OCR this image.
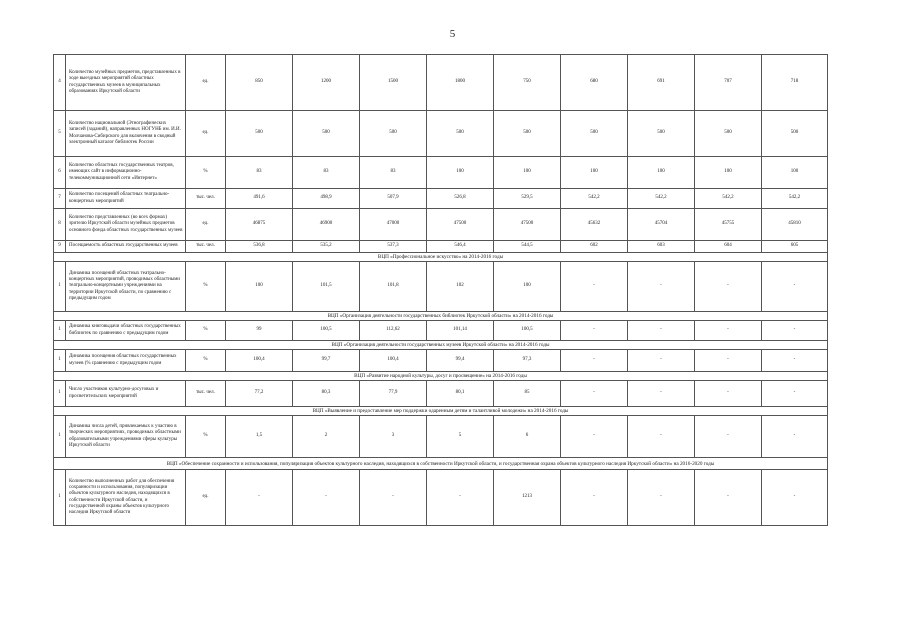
5
4	Количество музейных предметов, представленных в ходе выездных мероприятий областных государственных музеев в муниципальных образованиях Иркутской области	ед.	850	1200	1500	1800	750	680	691	707	718
5	Количество национальной (Этнографических записей (заданий), направленных НОГУНБ им. И.И. Молчанова-Сибирского для включения в сводный электронный каталог библиотек России	ед.	500	500	500	500	500	500	500	500	500
6	Количество областных государственных театров, имеющих сайт в информационно-телекоммуникационной сети «Интернет»	%	83	83	83	100	100	100	100	100	100
7	Количество посещений областных театрально-концертных мероприятий	тыс. чел.	491,6	498,9	507,9	526,8	529,5	542,2	542,2	542,2	542,2
8	Количество представленных (во всех формах) зрителю Иркутской области музейных предметов основного фонда областных государственных музеев	ед.	46875	46900	47000	47500	47500	45632	45704	45755	45810
9	Посещаемость областных государственных музеев	тыс. чел.	536,8	535,2	537,3	546,4	544,5	602	603	604	605
ВЦП «Профессиональное искусство» на 2014-2016 годы											
1	Динамика посещений областных театрально-концертных мероприятий, проводимых областными театрально-концертными учреждениями на территории Иркутской области, по сравнению с предыдущим годом	%	100	101,5	101,8	102	100	-	-	-	-
ВЦП «Организация деятельности государственных библиотек Иркутской области» на 2014-2016 годы											
1	Динамика книговыдачи областных государственных библиотек по сравнению с предыдущим годом	%	99	100,5	112,62	101,14	100,5	-	-	-	-
ВЦП «Организация деятельности государственных музеев Иркутской области» на 2014-2016 годы											
1	Динамика посещения областных государственных музеев (% сравнению с предыдущим годом	%	100,4	99,7	100,4	99,4	97,3	-	-	-	-
ВЦП «Развитие народной культуры, досуг и просвещение» на 2014-2016 годы											
1	Число участников культурно-досуговых и просветительских мероприятий	тыс. чел.	77,2	80,3	77,9	80,1	85	-	-	-	-
ВЦП «Выявление и предоставление мер поддержки одаренным детям и талантливой молодежи» на 2014-2016 годы											
1	Динамика числа детей, привлекаемых к участию в творческих мероприятиях, проводимых областными образовательными учреждениями сферы культуры Иркутской области	%	1,5	2	3	5	6	-	-	-	-
ВЦП «Обеспечение сохранности и использования, популяризация объектов культурного наследия, находящихся в собственности Иркутской области, и государственная охрана объектов культурного наследия Иркутской области» на 2016-2020 годы											
1	Количество выполненных работ для обеспечения сохранности и использования, популяризации объектов культурного наследия, находящихся в собственности Иркутской области, и государственной охраны объектов культурного наследия Иркутской области	ед.	-	-	-	-	1213	-	-	-	-
